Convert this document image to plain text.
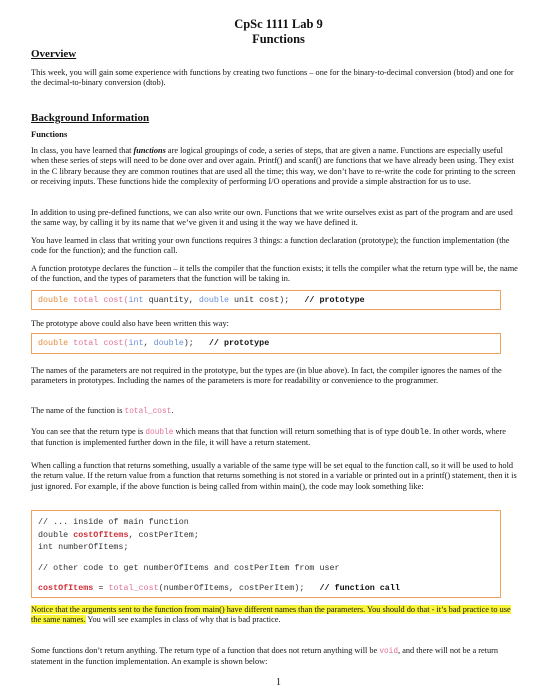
CpSc 1111 Lab 9
Functions
Overview

This week, you will gain some experience with functions by creating two functions – one for the binary-to-decimal conversion (btod) and one for the decimal-to-binary conversion (dtob).

Background Information
Functions

In class, you have learned that functions are logical groupings of code, a series of steps, that are given a name. Functions are especially useful when these series of steps will need to be done over and over again. Printf() and scanf() are functions that we have already been using. They exist in the C library because they are common routines that are used all the time; this way, we don’t have to re-write the code for printing to the screen or receiving inputs. These functions hide the complexity of performing I/O operations and provide a simple abstraction for us to use.

In addition to using pre-defined functions, we can also write our own. Functions that we write ourselves exist as part of the program and are used the same way, by calling it by its name that we’ve given it and using it the way we have defined it.

You have learned in class that writing your own functions requires 3 things: a function declaration (prototype); the function implementation (the code for the function); and the function call.

A function prototype declares the function – it tells the compiler that the function exists; it tells the compiler what the return type will be, the name of the function, and the types of parameters that the function will be taking in.

double total cost(int quantity, double unit cost); // prototype

The prototype above could also have been written this way:

double total cost(int, double); // prototype

The names of the parameters are not required in the prototype, but the types are (in blue above). In fact, the compiler ignores the names of the parameters in prototypes. Including the names of the parameters is more for readability or convenience to the programmer.

The name of the function is total_cost.

You can see that the return type is double which means that that function will return something that is of type double. In other words, where that function is implemented further down in the file, it will have a return statement.

When calling a function that returns something, usually a variable of the same type will be set equal to the function call, so it will be used to hold the return value. If the return value from a function that returns something is not stored in a variable or printed out in a printf() statement, then it is just ignored. For example, if the above function is being called from within main(), the code may look something like:

// ... inside of main function
double costOfItems, costPerItem;
int numberOfItems;
// other code to get numberOfItems and costPerItem from user
costOfItems = total_cost(numberOfItems, costPerItem); // function call

Notice that the arguments sent to the function from main() have different names than the parameters. You should do that - it’s bad practice to use the same names. You will see examples in class of why that is bad practice.

Some functions don’t return anything. The return type of a function that does not return anything will be void, and there will not be a return statement in the function implementation. An example is shown below:

1
